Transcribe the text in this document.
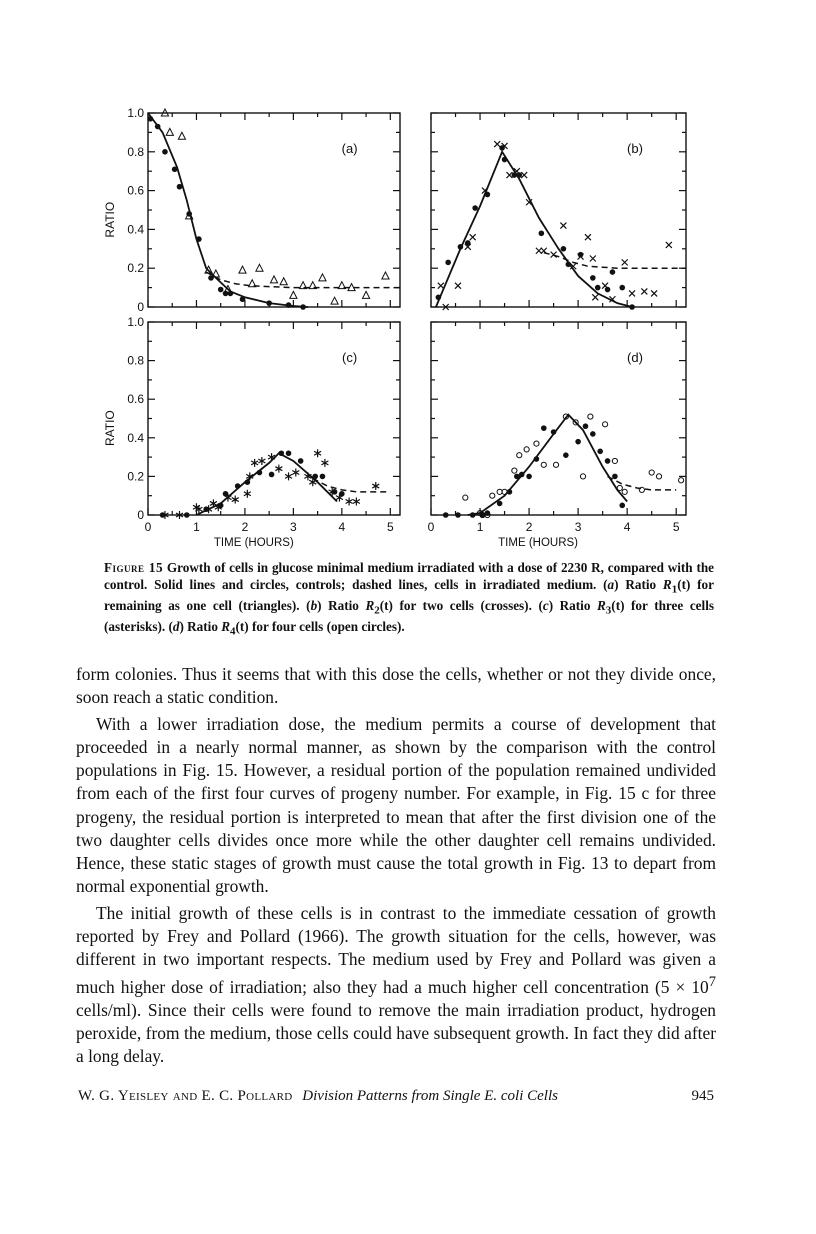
1.0
0.8
0.6
0.4
0.2
0
RATIO
(a)	(b)
1.0
0.8
0.6
0.4
0.2
0
RATIO
0	1	2	3	4	5
TIME (HOURS)
(c)
0	1	2	3	4	5
TIME (HOURS)
(d)
Figure 15 Growth of cells in glucose minimal medium irradiated with a dose of 2230 R, compared with the control. Solid lines and circles, controls; dashed lines, cells in irradiated medium. (a) Ratio $R_1(t)$ for remaining as one cell (triangles). (b) Ratio $R_2(t)$ for two cells (crosses). (c) Ratio $R_3(t)$ for three cells (asterisks). (d) Ratio $R_4(t)$ for four cells (open circles).

form colonies. Thus it seems that with this dose the cells, whether or not they divide once, soon reach a static condition.

With a lower irradiation dose, the medium permits a course of development that proceeded in a nearly normal manner, as shown by the comparison with the control populations in Fig. 15. However, a residual portion of the population remained undivided from each of the first four curves of progeny number. For example, in Fig. 15 c for three progeny, the residual portion is interpreted to mean that after the first division one of the two daughter cells divides once more while the other daughter cell remains undivided. Hence, these static stages of growth must cause the total growth in Fig. 13 to depart from normal exponential growth.

The initial growth of these cells is in contrast to the immediate cessation of growth reported by Frey and Pollard (1966). The growth situation for the cells, however, was different in two important respects. The medium used by Frey and Pollard was given a much higher dose of irradiation; also they had a much higher cell concentration ($5 \times 10^7$ cells/ml). Since their cells were found to remove the main irradiation product, hydrogen peroxide, from the medium, those cells could have subsequent growth. In fact they did after a long delay.

W. G. Yeisley and E. C. Pollard Division Patterns from Single E. coli Cells	945
